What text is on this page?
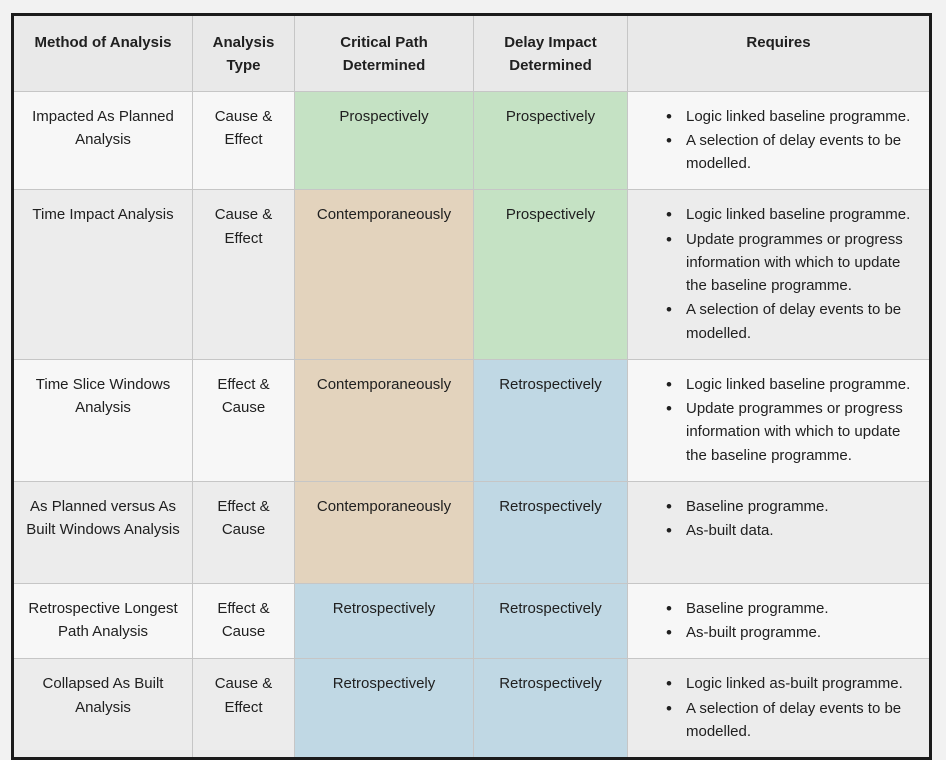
Method of Analysis	Analysis Type	Critical Path Determined	Delay Impact Determined	Requires
Impacted As Planned Analysis	Cause & Effect	Prospectively	Prospectively	
•Logic linked baseline programme.
• A selection of delay events to be modelled.

Time Impact Analysis	Cause & Effect	Contemporaneously	Prospectively	
•Logic linked baseline programme.
• Update programmes or progress information with which to update the baseline programme.
• A selection of delay events to be modelled.

Time Slice Windows Analysis	Effect & Cause	Contemporaneously	Retrospectively	
•Logic linked baseline programme.
• Update programmes or progress information with which to update the baseline programme.

As Planned versus As Built Windows Analysis	Effect & Cause	Contemporaneously	Retrospectively	
•Baseline programme.
• As-built data.

Retrospective Longest Path Analysis	Effect & Cause	Retrospectively	Retrospectively	
•Baseline programme.
• As-built programme.

Collapsed As Built Analysis	Cause & Effect	Retrospectively	Retrospectively	
•Logic linked as-built programme.
• A selection of delay events to be modelled.
